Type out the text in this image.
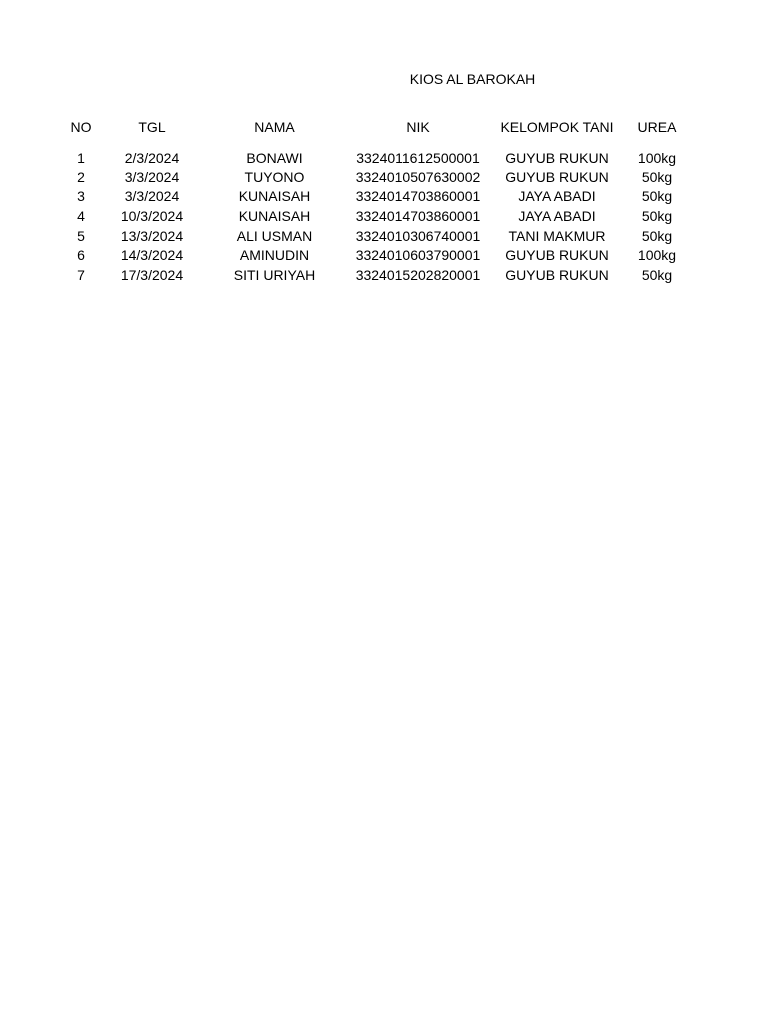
KIOS AL BAROKAH
NO	TGL	NAMA	NIK	KELOMPOK TANI	UREA
1	2/3/2024	BONAWI	3324011612500001	GUYUB RUKUN	100kg
2	3/3/2024	TUYONO	3324010507630002	GUYUB RUKUN	50kg
3	3/3/2024	KUNAISAH	3324014703860001	JAYA ABADI	50kg
4	10/3/2024	KUNAISAH	3324014703860001	JAYA ABADI	50kg
5	13/3/2024	ALI USMAN	3324010306740001	TANI MAKMUR	50kg
6	14/3/2024	AMINUDIN	3324010603790001	GUYUB RUKUN	100kg
7	17/3/2024	SITI URIYAH	3324015202820001	GUYUB RUKUN	50kg
